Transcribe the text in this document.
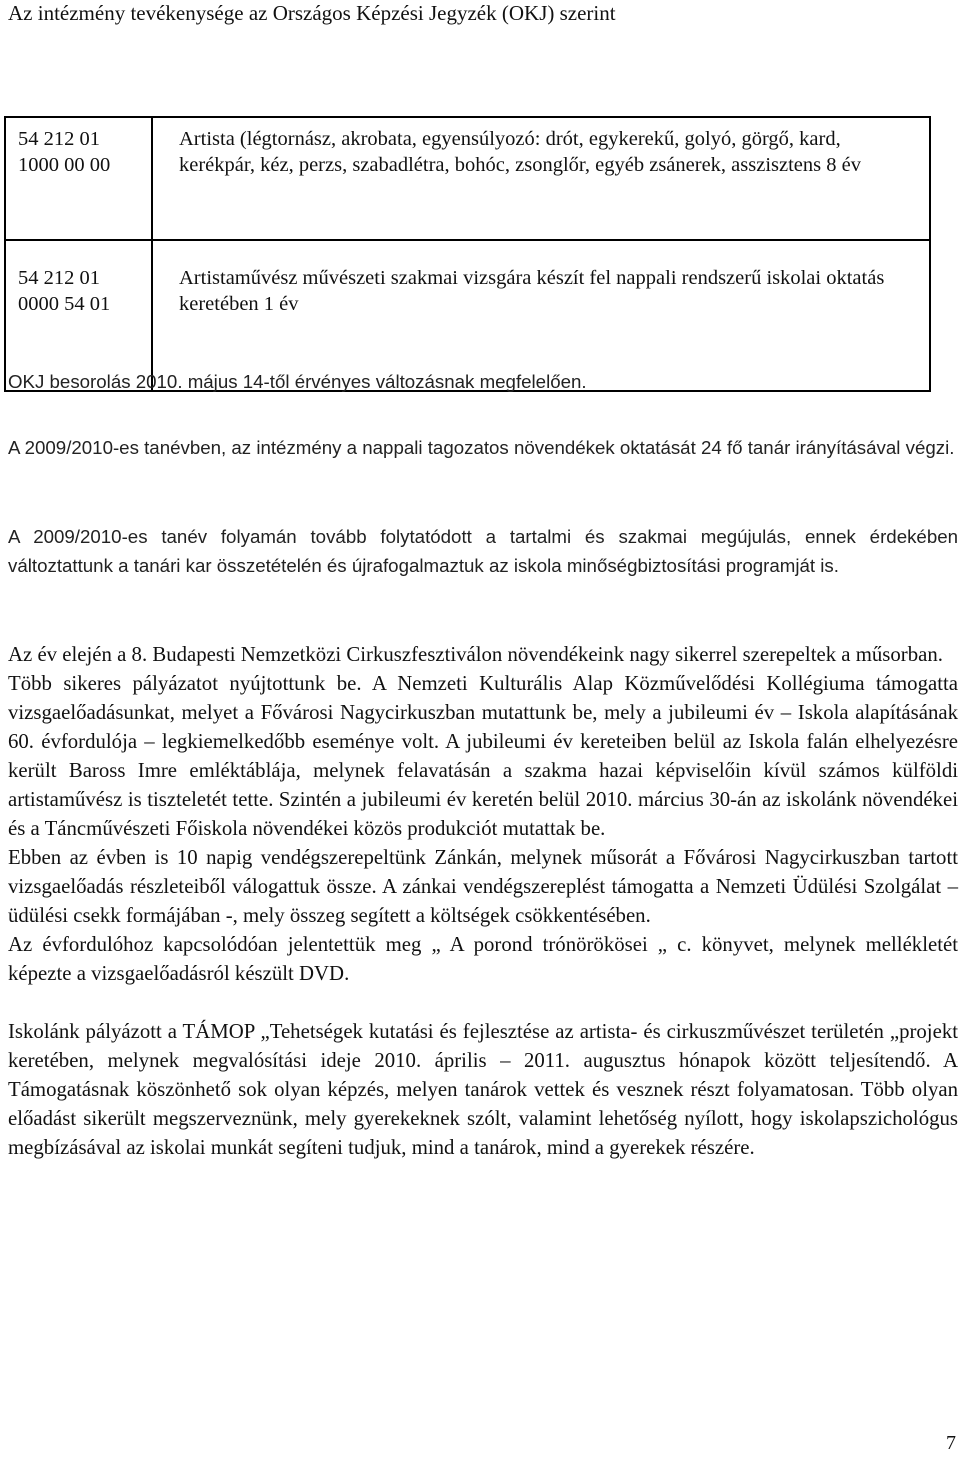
Az intézmény tevékenysége az Országos Képzési Jegyzék (OKJ) szerint
54 212 01
1000 00 00	Artista (légtornász, akrobata, egyensúlyozó: drót, egykerekű, golyó, görgő, kard, kerékpár, kéz, perzs, szabadlétra, bohóc, zsonglőr, egyéb zsánerek, asszisztens 8 év

54 212 01
0000 54 01	Artistaművész művészeti szakmai vizsgára készít fel nappali rendszerű iskolai oktatás keretében 1 év
OKJ besorolás 2010. május 14-től érvényes változásnak megfelelően.
A 2009/2010-es tanévben, az intézmény a nappali tagozatos növendékek oktatását 24 fő tanár irányításával végzi.
A 2009/2010-es tanév folyamán tovább folytatódott a tartalmi és szakmai megújulás, ennek érdekében változtattunk a tanári kar összetételén és újrafogalmaztuk az iskola minőségbiztosítási programját is.

Az év elején a 8. Budapesti Nemzetközi Cirkuszfesztiválon növendékeink nagy sikerrel szerepeltek a műsorban.

Több sikeres pályázatot nyújtottunk be. A Nemzeti Kulturális Alap Közművelődési Kollégiuma támogatta vizsgaelőadásunkat, melyet a Fővárosi Nagycirkuszban mutattunk be, mely a jubileumi év – Iskola alapításának 60. évfordulója – legkiemelkedőbb eseménye volt. A jubileumi év kereteiben belül az Iskola falán elhelyezésre került Baross Imre emléktáblája, melynek felavatásán a szakma hazai képviselőin kívül számos külföldi artistaművész is tiszteletét tette. Szintén a jubileumi év keretén belül 2010. március 30-án az iskolánk növendékei és a Táncművészeti Főiskola növendékei közös produkciót mutattak be.

Ebben az évben is 10 napig vendégszerepeltünk Zánkán, melynek műsorát a Fővárosi Nagycirkuszban tartott vizsgaelőadás részleteiből válogattuk össze. A zánkai vendégszereplést támogatta a Nemzeti Üdülési Szolgálat – üdülési csekk formájában -, mely összeg segített a költségek csökkentésében.

Az évfordulóhoz kapcsolódóan jelentettük meg „ A porond trónörökösei „ c. könyvet, melynek mellékletét képezte a vizsgaelőadásról készült DVD.

Iskolánk pályázott a TÁMOP „Tehetségek kutatási és fejlesztése az artista- és cirkuszművészet területén „projekt keretében, melynek megvalósítási ideje 2010. április – 2011. augusztus hónapok között teljesítendő. A Támogatásnak köszönhető sok olyan képzés, melyen tanárok vettek és vesznek részt folyamatosan. Több olyan előadást sikerült megszerveznünk, mely gyerekeknek szólt, valamint lehetőség nyílott, hogy iskolapszichológus megbízásával az iskolai munkát segíteni tudjuk, mind a tanárok, mind a gyerekek részére.

7
